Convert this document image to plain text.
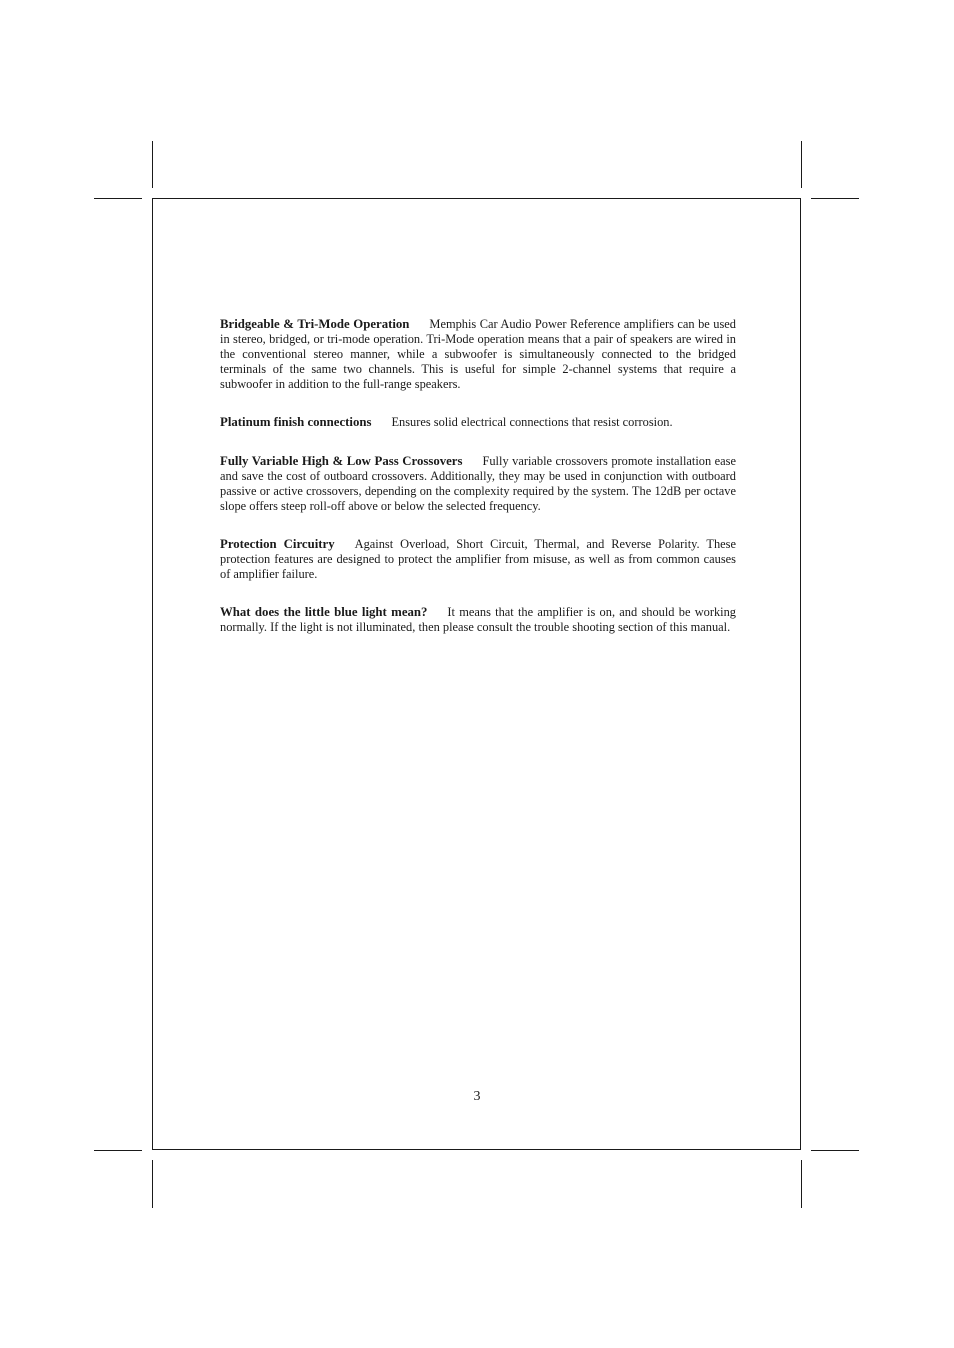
Bridgeable & Tri-Mode Operation Memphis Car Audio Power Reference amplifiers can be used in stereo, bridged, or tri-mode operation. Tri-Mode operation means that a pair of speakers are wired in the conventional stereo manner, while a subwoofer is simultaneously connected to the bridged terminals of the same two channels. This is useful for simple 2-channel systems that require a subwoofer in addition to the full-range speakers.

Platinum finish connections Ensures solid electrical connections that resist corrosion.

Fully Variable High & Low Pass Crossovers Fully variable crossovers promote installation ease and save the cost of outboard crossovers. Additionally, they may be used in conjunction with outboard passive or active crossovers, depending on the complexity required by the system. The 12dB per octave slope offers steep roll-off above or below the selected frequency.

Protection Circuitry Against Overload, Short Circuit, Thermal, and Reverse Polarity. These protection features are designed to protect the amplifier from misuse, as well as from common causes of amplifier failure.

What does the little blue light mean? It means that the amplifier is on, and should be working normally. If the light is not illuminated, then please consult the trouble shooting section of this manual.

3
